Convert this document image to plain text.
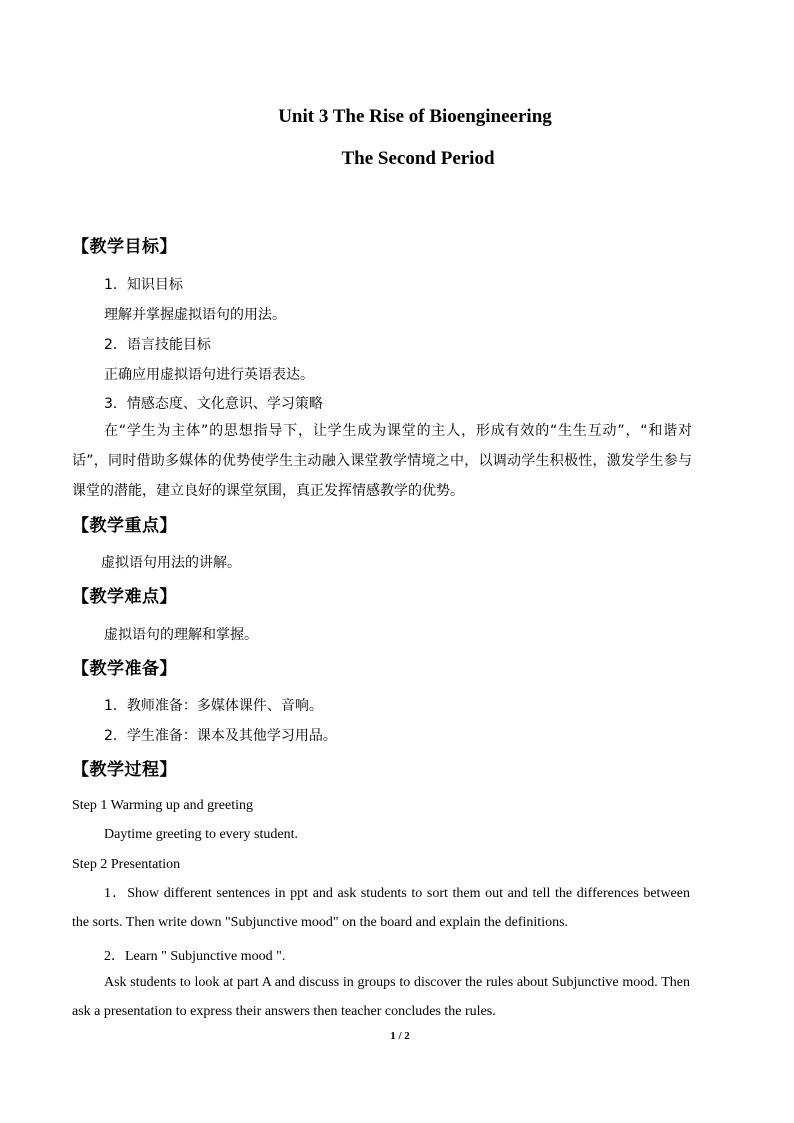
Unit 3 The Rise of Bioengineering
The Second Period
【教学目标】
1．知识目标
理解并掌握虚拟语句的用法。
2．语言技能目标
正确应用虚拟语句进行英语表达。
3．情感态度、文化意识、学习策略
在“学生为主体”的思想指导下，让学生成为课堂的主人，形成有效的“生生互动”，“和谐对话”，同时借助多媒体的优势使学生主动融入课堂教学情境之中，以调动学生积极性，激发学生参与课堂的潜能，建立良好的课堂氛围，真正发挥情感教学的优势。
【教学重点】
虚拟语句用法的讲解。
【教学难点】
虚拟语句的理解和掌握。
【教学准备】
1．教师准备：多媒体课件、音响。
2．学生准备：课本及其他学习用品。
【教学过程】
Step 1 Warming up and greeting
Daytime greeting to every student.
Step 2 Presentation
1．Show different sentences in ppt and ask students to sort them out and tell the differences between the sorts. Then write down "Subjunctive mood" on the board and explain the definitions.
2．Learn " Subjunctive mood ".
Ask students to look at part A and discuss in groups to discover the rules about Subjunctive mood. Then ask a presentation to express their answers then teacher concludes the rules.
1 / 2
